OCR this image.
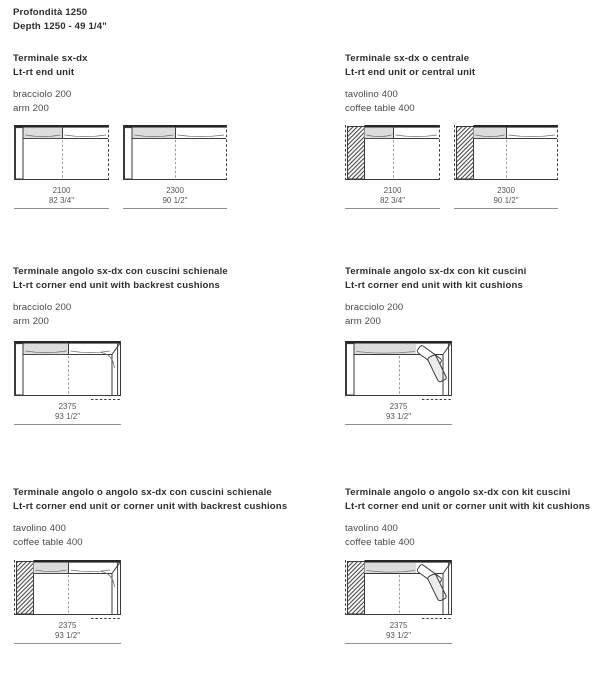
Profondità 1250
Depth 1250 - 49 1/4"
Terminale sx-dx
Lt-rt end unit
bracciolo 200
arm 200
2100
82 3/4"
2300
90 1/2"
Terminale sx-dx o centrale
Lt-rt end unit or central unit
tavolino 400
coffee table 400
2100
82 3/4"
2300
90 1/2"
Terminale angolo sx-dx con cuscini schienale
Lt-rt corner end unit with backrest cushions
bracciolo 200
arm 200
2375
93 1/2"
Terminale angolo sx-dx con kit cuscini
Lt-rt corner end unit with kit cushions
bracciolo 200
arm 200
2375
93 1/2"
Terminale angolo o angolo sx-dx con cuscini schienale
Lt-rt corner end unit or corner unit with backrest cushions
tavolino 400
coffee table 400
2375
93 1/2"
Terminale angolo o angolo sx-dx con kit cuscini
Lt-rt corner end unit or corner unit with kit cushions
tavolino 400
coffee table 400
2375
93 1/2"
